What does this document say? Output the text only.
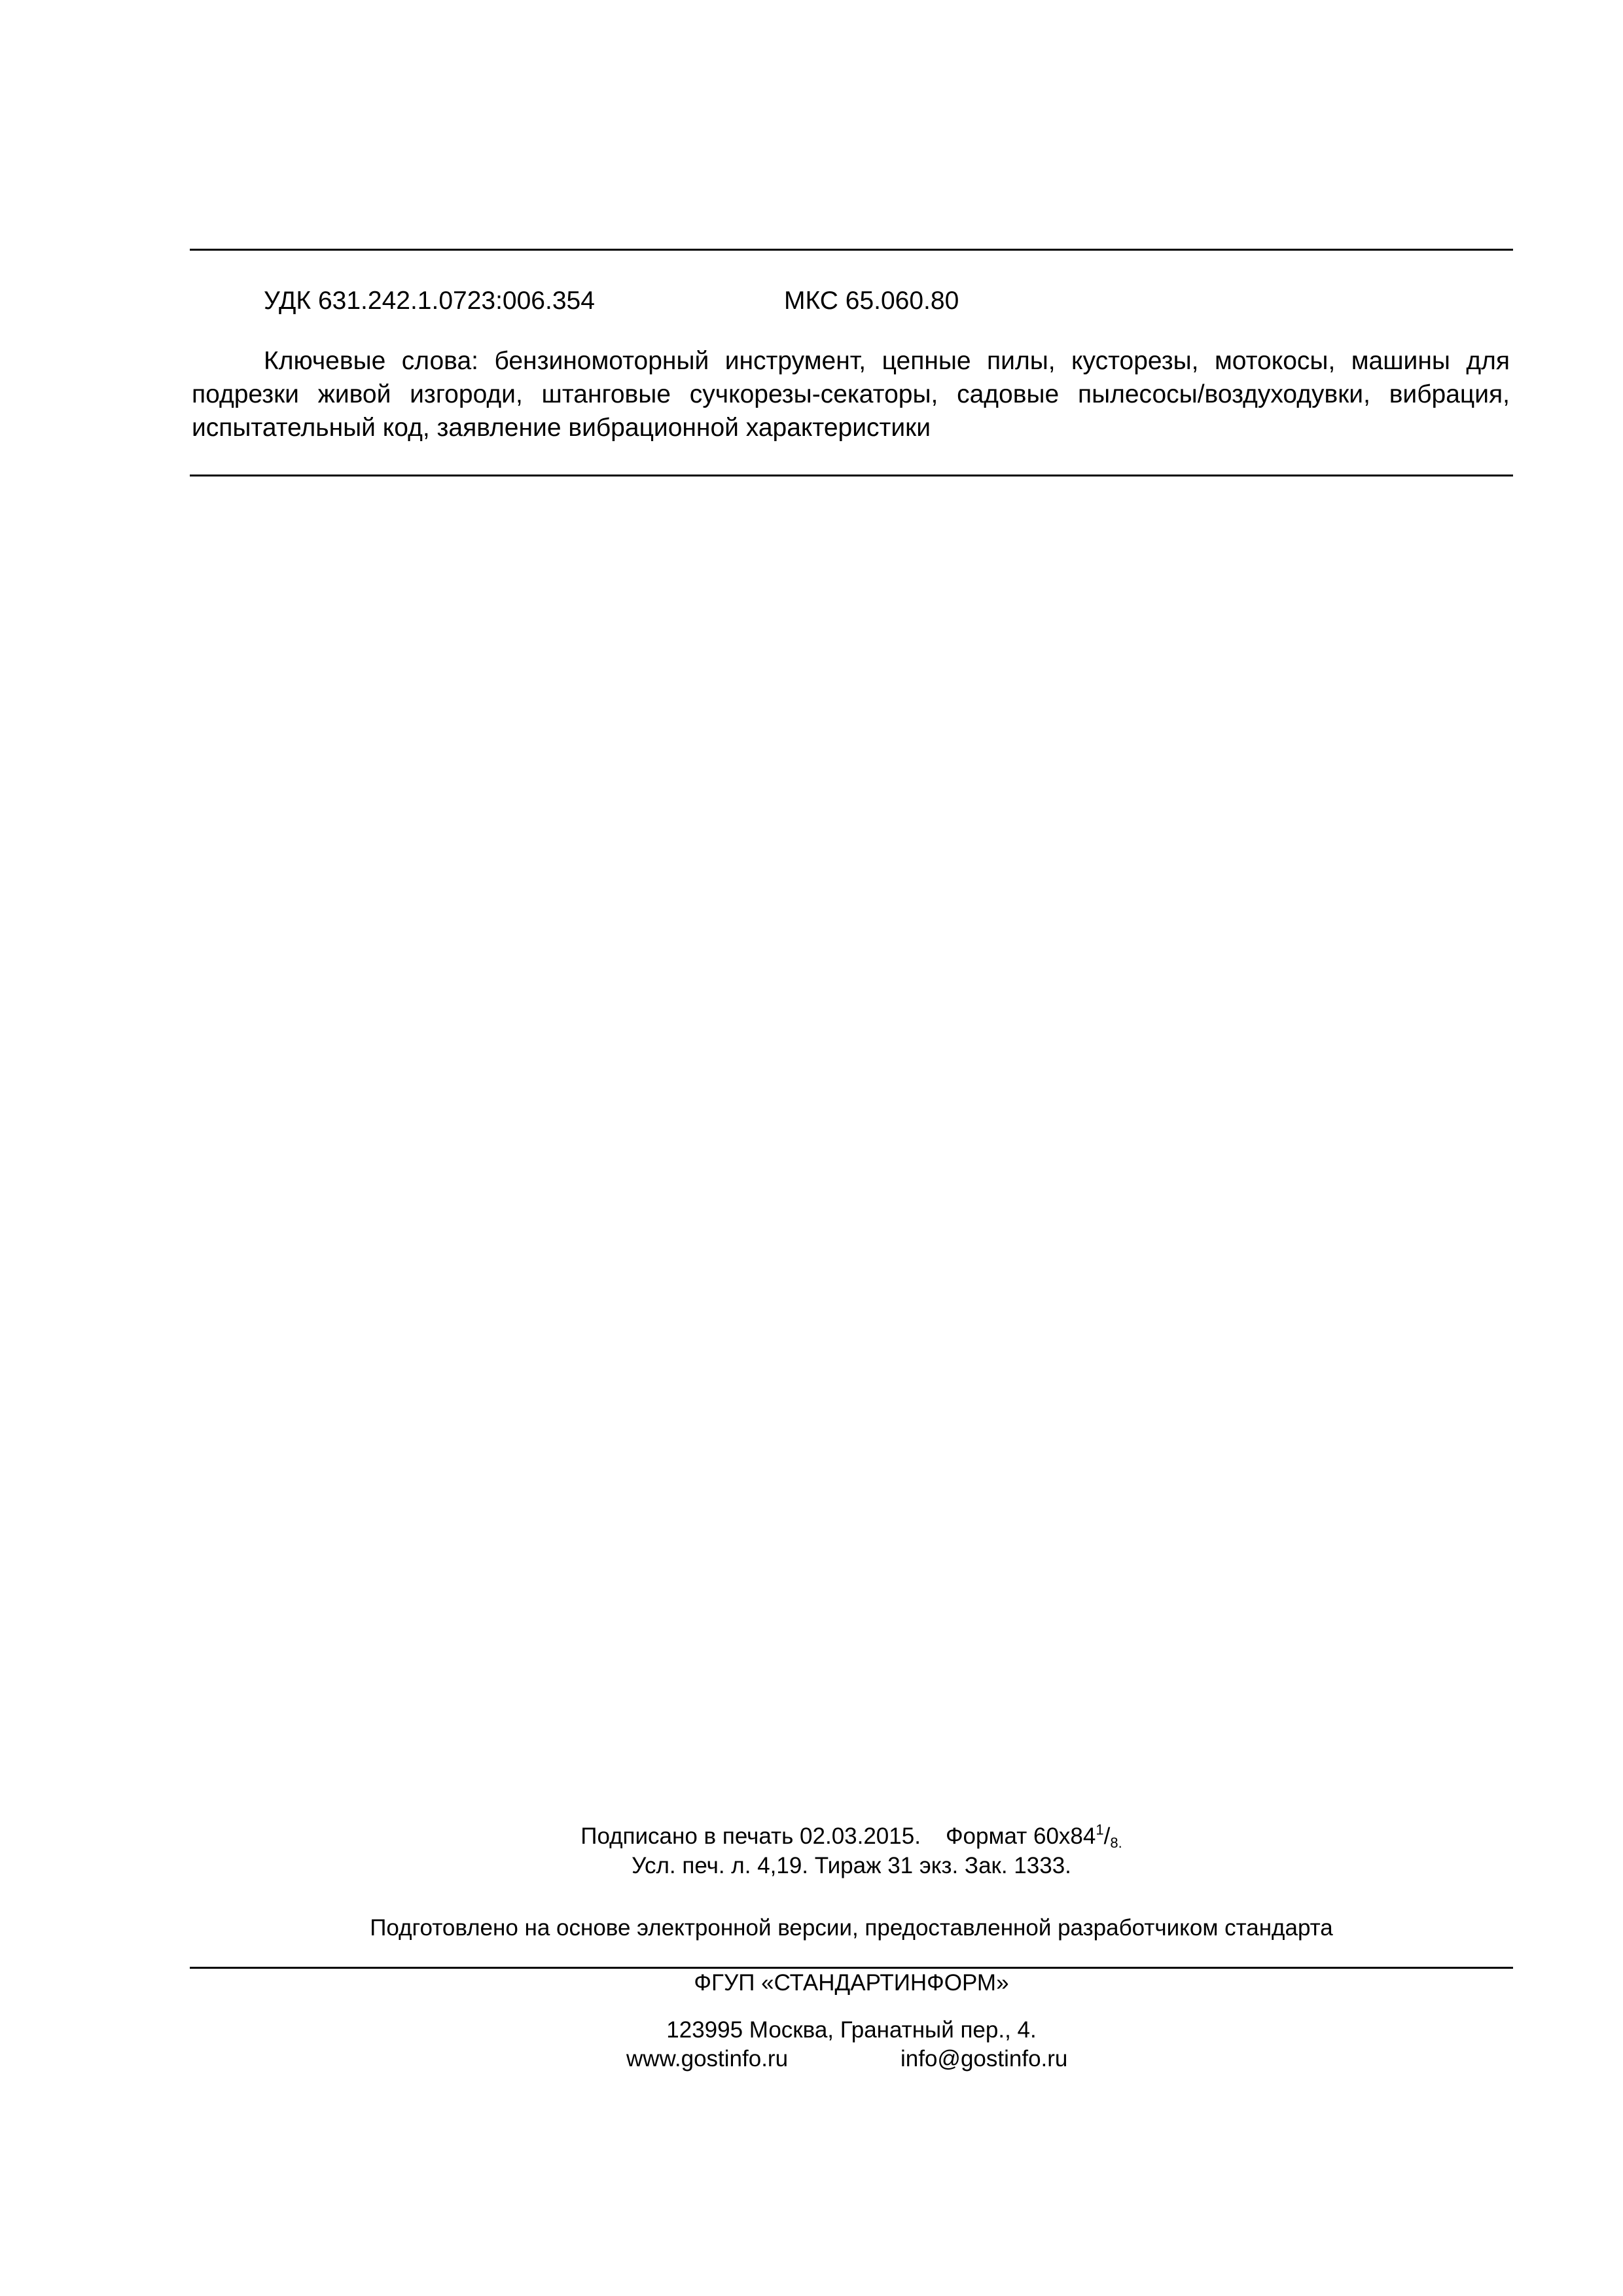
УДК 631.242.1.0723:006.354	МКС 65.060.80

Ключевые слова: бензиномоторный инструмент, цепные пилы, кусторезы, мотокосы, машины для подрезки живой изгороди, штанговые сучкорезы-секаторы, садовые пылесосы/воздуходувки, вибрация, испытательный код, заявление вибрационной характеристики

Подписано в печать 02.03.2015. Формат $60x84^1/8$.
Усл. печ. л. 4,19. Тираж 31 экз. Зак. 1333.
Подготовлено на основе электронной версии, предоставленной разработчиком стандарта
ФГУП «СТАНДАРТИНФОРМ»
123995 Москва, Гранатный пер., 4.
www.gostinfo.ru	info@gostinfo.ru
